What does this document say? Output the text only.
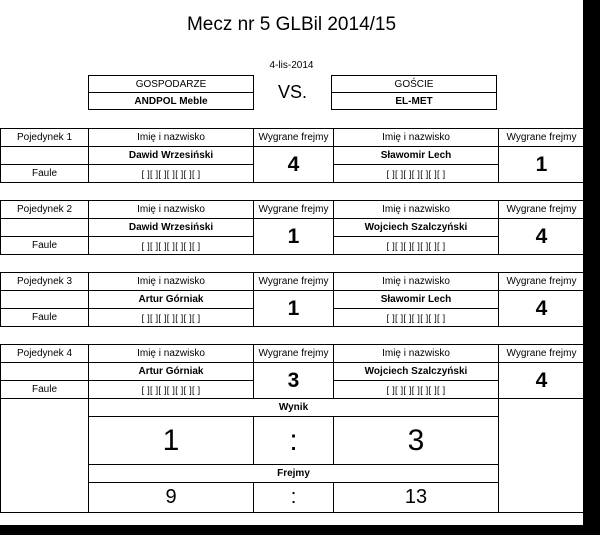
Mecz nr 5 GLBil 2014/15
4-lis-2014
GOSPODARZE	VS.	GOŚCIE
ANDPOL Meble		EL-MET
Pojedynek 1	Imię i nazwisko	Wygrane frejmy	Imię i nazwisko	Wygrane frejmy
	Dawid Wrzesiński	4	Sławomir Lech	1
Faule	[ ][ ][ ][ ][ ][ ][ ]		[ ][ ][ ][ ][ ][ ][ ]	

Pojedynek 2	Imię i nazwisko	Wygrane frejmy	Imię i nazwisko	Wygrane frejmy
	Dawid Wrzesiński	1	Wojciech Szalczyński	4
Faule	[ ][ ][ ][ ][ ][ ][ ]		[ ][ ][ ][ ][ ][ ][ ]	

Pojedynek 3	Imię i nazwisko	Wygrane frejmy	Imię i nazwisko	Wygrane frejmy
	Artur Górniak	1	Sławomir Lech	4
Faule	[ ][ ][ ][ ][ ][ ][ ]		[ ][ ][ ][ ][ ][ ][ ]	

Pojedynek 4	Imię i nazwisko	Wygrane frejmy	Imię i nazwisko	Wygrane frejmy
	Artur Górniak	3	Wojciech Szalczyński	4
Faule	[ ][ ][ ][ ][ ][ ][ ]		[ ][ ][ ][ ][ ][ ][ ]	
	Wynik			
	1	:	3	
	Frejmy			
	9	:	13	
